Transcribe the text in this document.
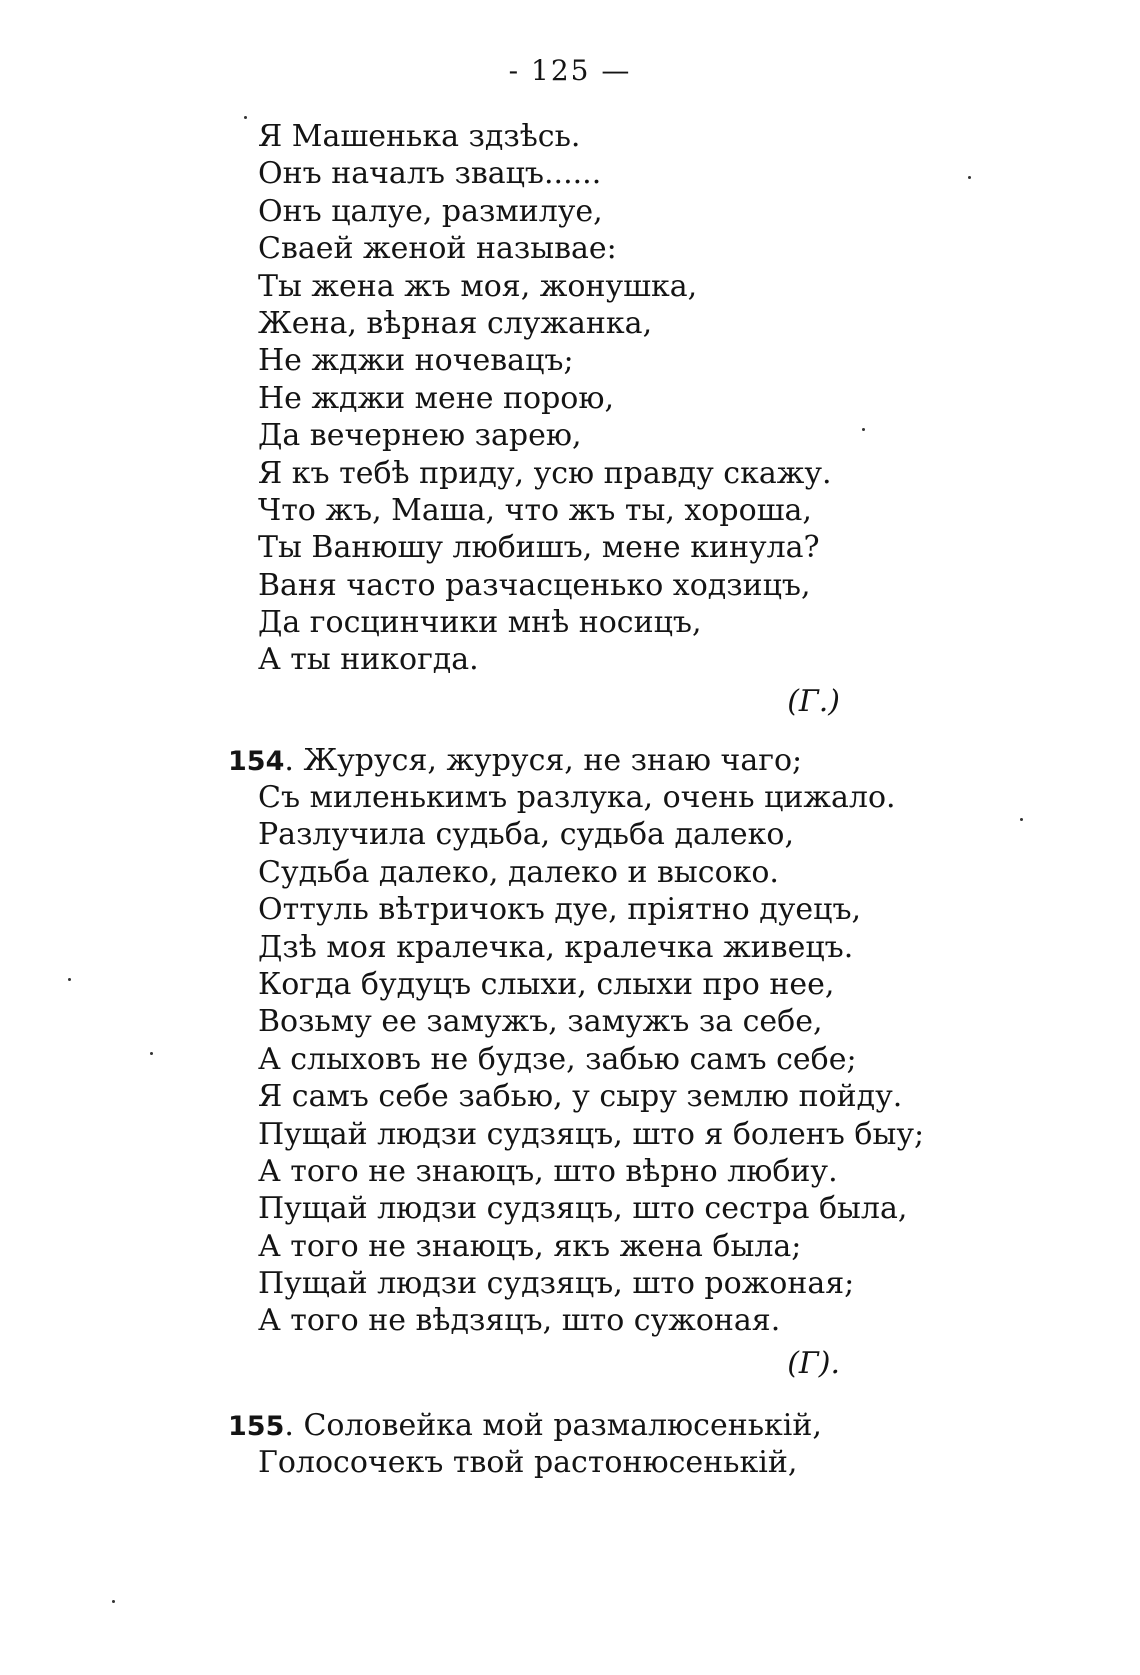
- 125 —
Я Машенька здзѣсь.
Онъ началъ звацъ......
Онъ цалуе, размилуе,
Сваей женой называе:
Ты жена жъ моя, жонушка,
Жена, вѣрная служанка,
Не жджи ночевацъ;
Не жджи мене порою,
Да вечернею зарею,
Я къ тебѣ приду, усю правду скажу.
Что жъ, Маша, что жъ ты, хороша,
Ты Ванюшу любишъ, мене кинула?
Ваня часто разчасценько ходзицъ,
Да госцинчики мнѣ носицъ,
А ты никогда.
(Г.)
154. Журуся, журуся, не знаю чаго;
Съ миленькимъ разлука, очень цижало.
Разлучила судьба, судьба далеко,
Судьба далеко, далеко и высоко.
Оттуль вѣтричокъ дуе, пріятно дуецъ,
Дзѣ моя кралечка, кралечка живецъ.
Когда будуцъ слыхи, слыхи про нее,
Возьму ее замужъ, замужъ за себе,
А слыховъ не будзе, забью самъ себе;
Я самъ себе забью, у сыру землю пойду.
Пущай людзи судзяцъ, што я боленъ быу;
А того не знаюцъ, што вѣрно любиу.
Пущай людзи судзяцъ, што сестра была,
А того не знаюцъ, якъ жена была;
Пущай людзи судзяцъ, што рожоная;
А того не вѣдзяцъ, што сужоная.
(Г).
155. Соловейка мой размалюсенькій,
Голосочекъ твой растонюсенькій,
